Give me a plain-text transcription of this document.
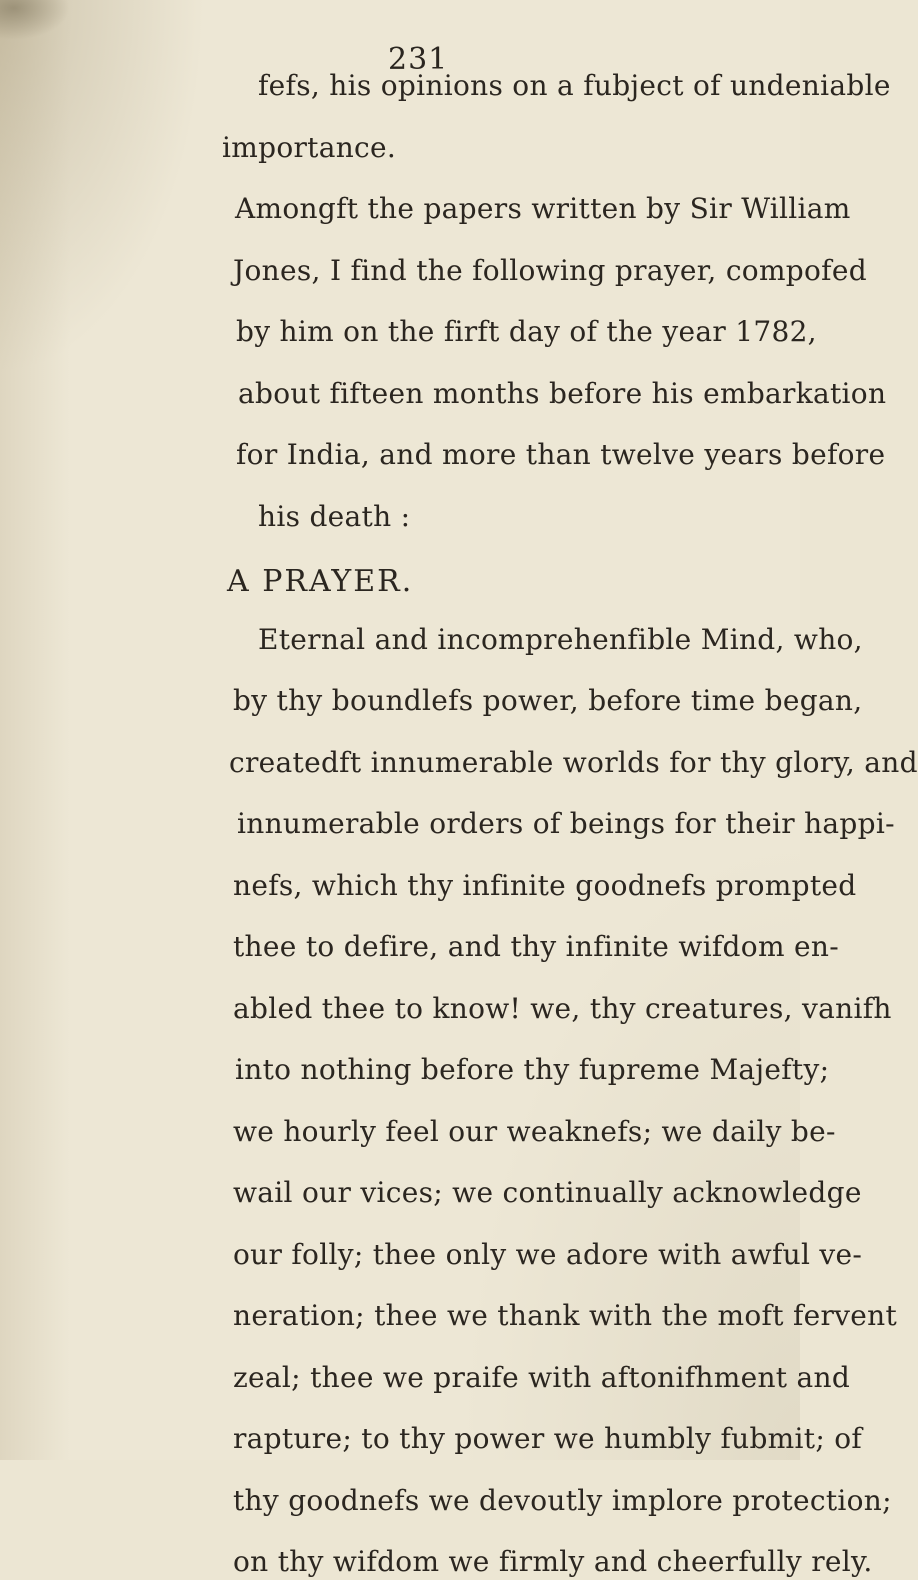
231
fefs, his opinions on a fubject of undeniable
importance.
Amongft the papers written by Sir William
Jones, I find the following prayer, compofed
by him on the firft day of the year 1782,
about fifteen months before his embarkation
for India, and more than twelve years before
his death :
A PRAYER.
Eternal and incomprehenfible Mind, who,
by thy boundlefs power, before time began,
createdft innumerable worlds for thy glory, and
innumerable orders of beings for their happi-
nefs, which thy infinite goodnefs prompted
thee to defire, and thy infinite wifdom en-
abled thee to know! we, thy creatures, vanifh
into nothing before thy fupreme Majefty;
we hourly feel our weaknefs; we daily be-
wail our vices; we continually acknowledge
our folly; thee only we adore with awful ve-
neration; thee we thank with the moft fervent
zeal; thee we praife with aftonifhment and
rapture; to thy power we humbly fubmit; of
thy goodnefs we devoutly implore protection;
on thy wifdom we firmly and cheerfully rely.
